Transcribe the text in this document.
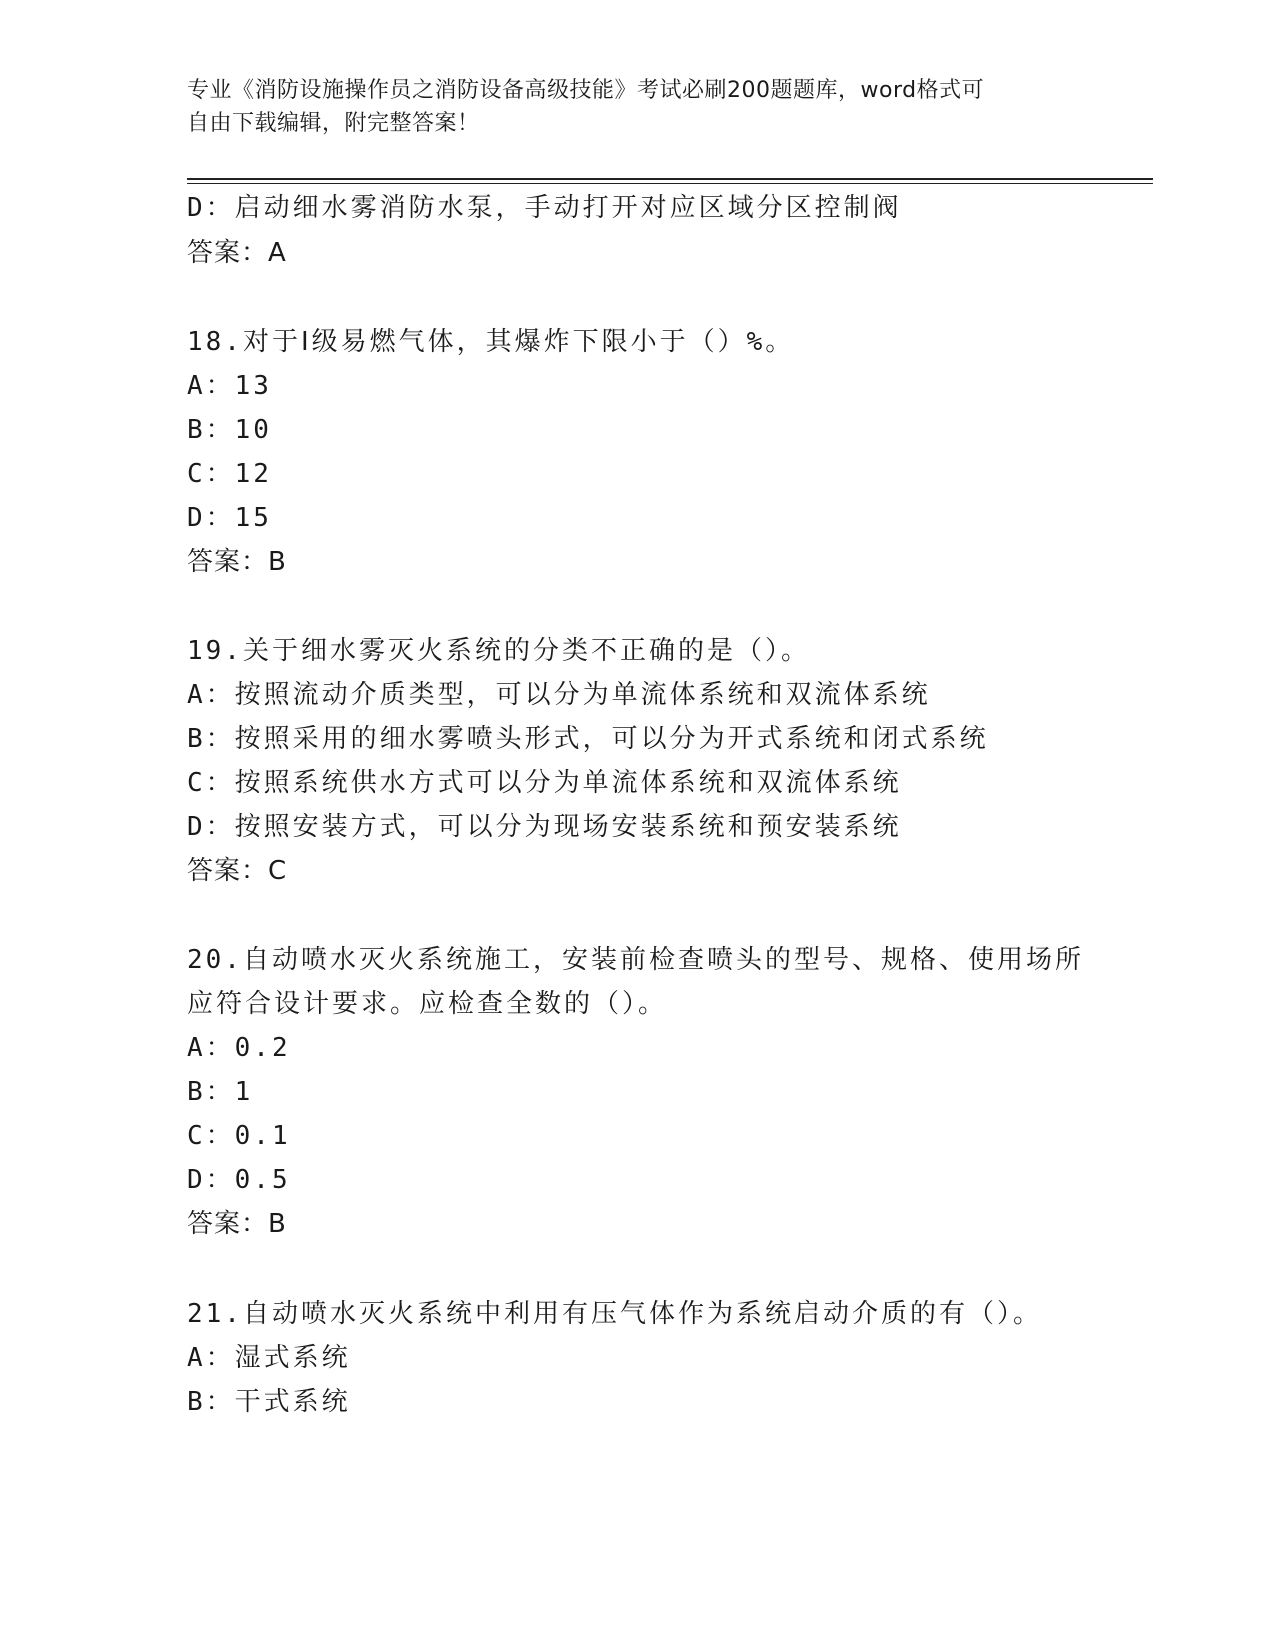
专业《消防设施操作员之消防设备高级技能》考试必刷200题题库，word格式可
自由下载编辑，附完整答案！
D：启动细水雾消防水泵，手动打开对应区域分区控制阀
答案：A
18.对于Ⅰ级易燃气体，其爆炸下限小于（）%。
A：13
B：10
C：12
D：15
答案：B
19.关于细水雾灭火系统的分类不正确的是（）。
A：按照流动介质类型，可以分为单流体系统和双流体系统
B：按照采用的细水雾喷头形式，可以分为开式系统和闭式系统
C：按照系统供水方式可以分为单流体系统和双流体系统
D：按照安装方式，可以分为现场安装系统和预安装系统
答案：C
20.自动喷水灭火系统施工，安装前检查喷头的型号、规格、使用场所
应符合设计要求。应检查全数的（）。
A：0.2
B：1
C：0.1
D：0.5
答案：B
21.自动喷水灭火系统中利用有压气体作为系统启动介质的有（）。
A：湿式系统
B：干式系统
